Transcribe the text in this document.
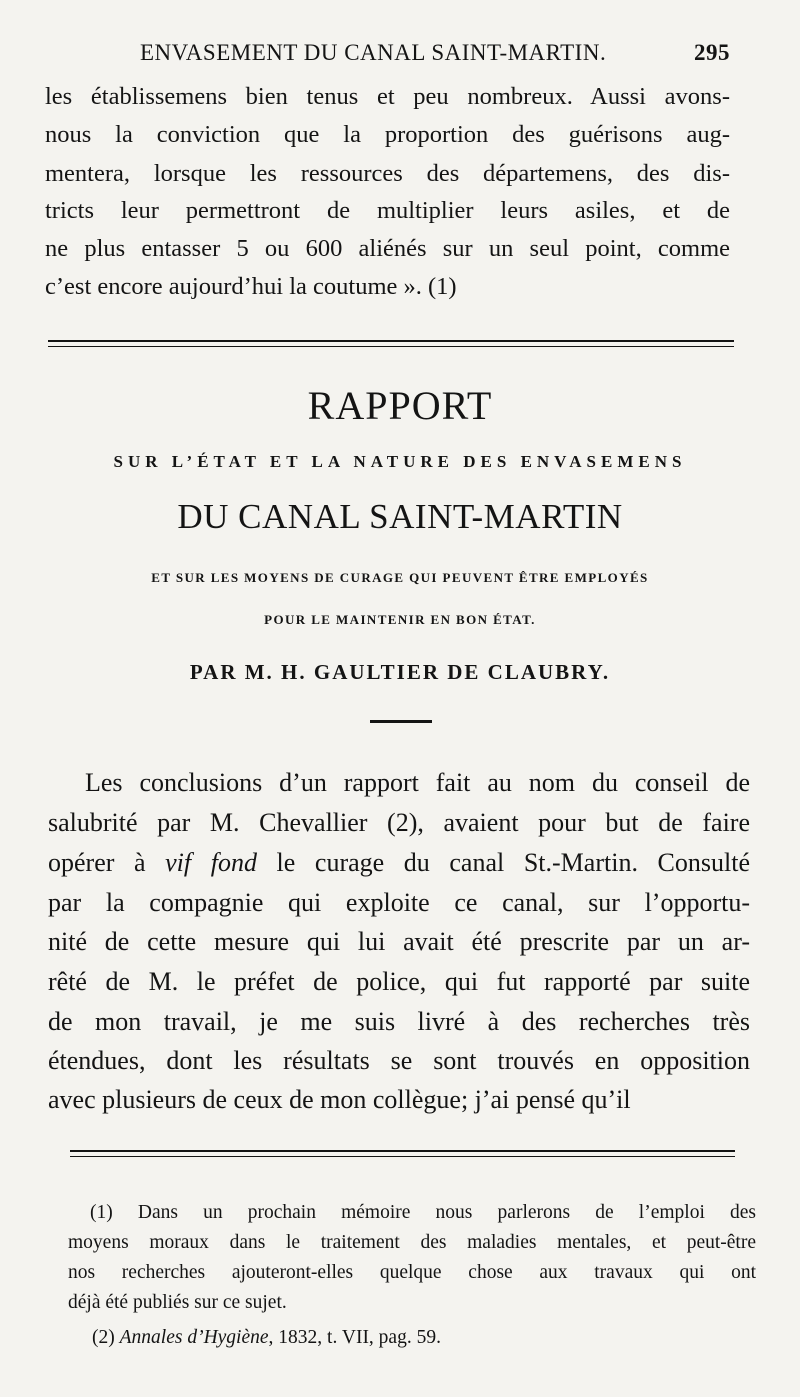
ENVASEMENT DU CANAL SAINT-MARTIN.	295
les établissemens bien tenus et peu nombreux. Aussi avons-
nous la conviction que la proportion des guérisons aug-
mentera, lorsque les ressources des départemens, des dis-
tricts leur permettront de multiplier leurs asiles, et de
ne plus entasser 5 ou 600 aliénés sur un seul point, comme
c’est encore aujourd’hui la coutume ». (1)
RAPPORT
SUR L’ÉTAT ET LA NATURE DES ENVASEMENS
DU CANAL SAINT-MARTIN
ET SUR LES MOYENS DE CURAGE QUI PEUVENT ÊTRE EMPLOYÉS
POUR LE MAINTENIR EN BON ÉTAT.
PAR M. H. GAULTIER DE CLAUBRY.
Les conclusions d’un rapport fait au nom du conseil de
salubrité par M. Chevallier (2), avaient pour but de faire
opérer à vif fond le curage du canal St.-Martin. Consulté
par la compagnie qui exploite ce canal, sur l’opportu-
nité de cette mesure qui lui avait été prescrite par un ar-
rêté de M. le préfet de police, qui fut rapporté par suite
de mon travail, je me suis livré à des recherches très
étendues, dont les résultats se sont trouvés en opposition
avec plusieurs de ceux de mon collègue; j’ai pensé qu’il
(1) Dans un prochain mémoire nous parlerons de l’emploi des
moyens moraux dans le traitement des maladies mentales, et peut-être
nos recherches ajouteront-elles quelque chose aux travaux qui ont
déjà été publiés sur ce sujet.
(2) Annales d’Hygiène, 1832, t. VII, pag. 59.
